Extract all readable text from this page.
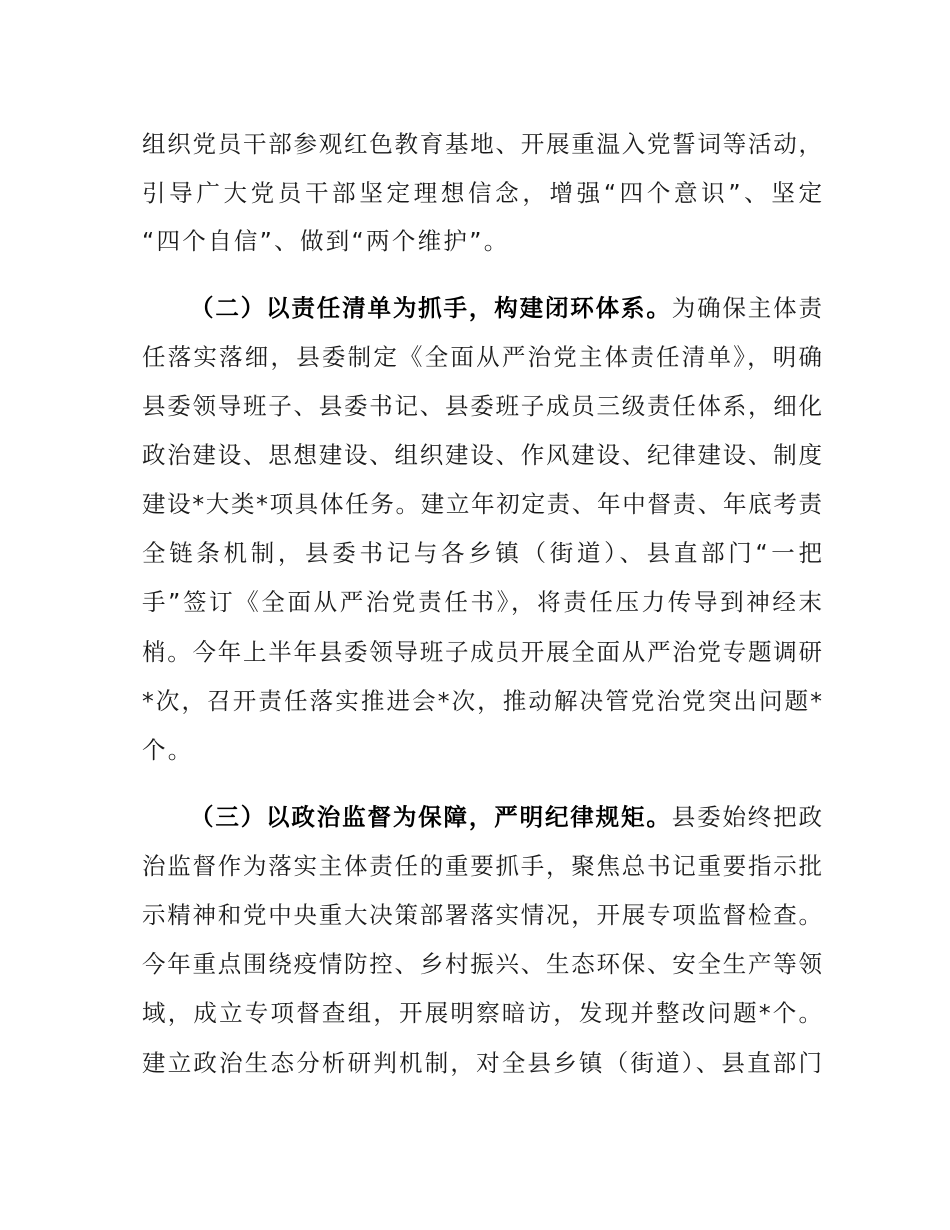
组织党员干部参观红色教育基地、开展重温入党誓词等活动，
引导广大党员干部坚定理想信念，增强“四个意识”、坚定
“四个自信”、做到“两个维护”。
（二）以责任清单为抓手，构建闭环体系。为确保主体责
任落实落细，县委制定《全面从严治党主体责任清单》，明确
县委领导班子、县委书记、县委班子成员三级责任体系，细化
政治建设、思想建设、组织建设、作风建设、纪律建设、制度
建设*大类*项具体任务。建立年初定责、年中督责、年底考责
全链条机制，县委书记与各乡镇（街道）、县直部门“一把
手”签订《全面从严治党责任书》，将责任压力传导到神经末
梢。今年上半年县委领导班子成员开展全面从严治党专题调研
*次，召开责任落实推进会*次，推动解决管党治党突出问题*
个。
（三）以政治监督为保障，严明纪律规矩。县委始终把政
治监督作为落实主体责任的重要抓手，聚焦总书记重要指示批
示精神和党中央重大决策部署落实情况，开展专项监督检查。
今年重点围绕疫情防控、乡村振兴、生态环保、安全生产等领
域，成立专项督查组，开展明察暗访，发现并整改问题*个。
建立政治生态分析研判机制，对全县乡镇（街道）、县直部门
